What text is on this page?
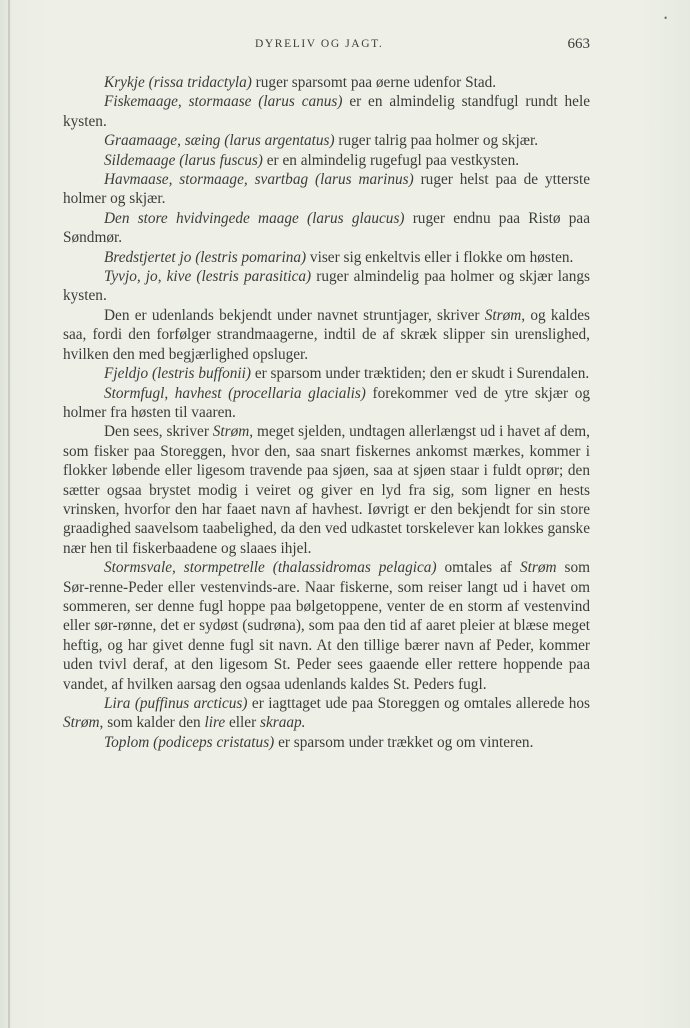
•
DYRELIV OG JAGT.	663

Krykje (rissa tridactyla) ruger sparsomt paa øerne udenfor Stad.

Fiskemaage, stormaase (larus canus) er en almindelig standfugl rundt hele kysten.

Graamaage, sæing (larus argentatus) ruger talrig paa holmer og skjær.

Sildemaage (larus fuscus) er en almindelig rugefugl paa vestkysten.

Havmaase, stormaage, svartbag (larus marinus) ruger helst paa de ytterste holmer og skjær.

Den store hvidvingede maage (larus glaucus) ruger endnu paa Ristø paa Søndmør.

Bredstjertet jo (lestris pomarina) viser sig enkeltvis eller i flokke om høsten.

Tyvjo, jo, kive (lestris parasitica) ruger almindelig paa holmer og skjær langs kysten.

Den er udenlands bekjendt under navnet struntjager, skriver Strøm, og kaldes saa, fordi den forfølger strandmaagerne, indtil de af skræk slipper sin urenslighed, hvilken den med begjærlighed opsluger.

Fjeldjo (lestris buffonii) er sparsom under træktiden; den er skudt i Surendalen.

Stormfugl, havhest (procellaria glacialis) forekommer ved de ytre skjær og holmer fra høsten til vaaren.

Den sees, skriver Strøm, meget sjelden, undtagen allerlængst ud i havet af dem, som fisker paa Storeggen, hvor den, saa snart fiskernes ankomst mærkes, kommer i flokker løbende eller ligesom travende paa sjøen, saa at sjøen staar i fuldt oprør; den sætter ogsaa brystet modig i veiret og giver en lyd fra sig, som ligner en hests vrinsken, hvorfor den har faaet navn af havhest. Iøvrigt er den bekjendt for sin store graadighed saavelsom taabelighed, da den ved udkastet torskelever kan lokkes ganske nær hen til fiskerbaadene og slaaes ihjel.

Stormsvale, stormpetrelle (thalassidromas pelagica) omtales af Strøm som Sør-renne-Peder eller vestenvinds-are. Naar fiskerne, som reiser langt ud i havet om sommeren, ser denne fugl hoppe paa bølgetoppene, venter de en storm af vestenvind eller sør-rønne, det er sydøst (sudrøna), som paa den tid af aaret pleier at blæse meget heftig, og har givet denne fugl sit navn. At den tillige bærer navn af Peder, kommer uden tvivl deraf, at den ligesom St. Peder sees gaaende eller rettere hoppende paa vandet, af hvilken aarsag den ogsaa udenlands kaldes St. Peders fugl.

Lira (puffinus arcticus) er iagttaget ude paa Storeggen og omtales allerede hos Strøm, som kalder den lire eller skraap.

Toplom (podiceps cristatus) er sparsom under trækket og om vinteren.
